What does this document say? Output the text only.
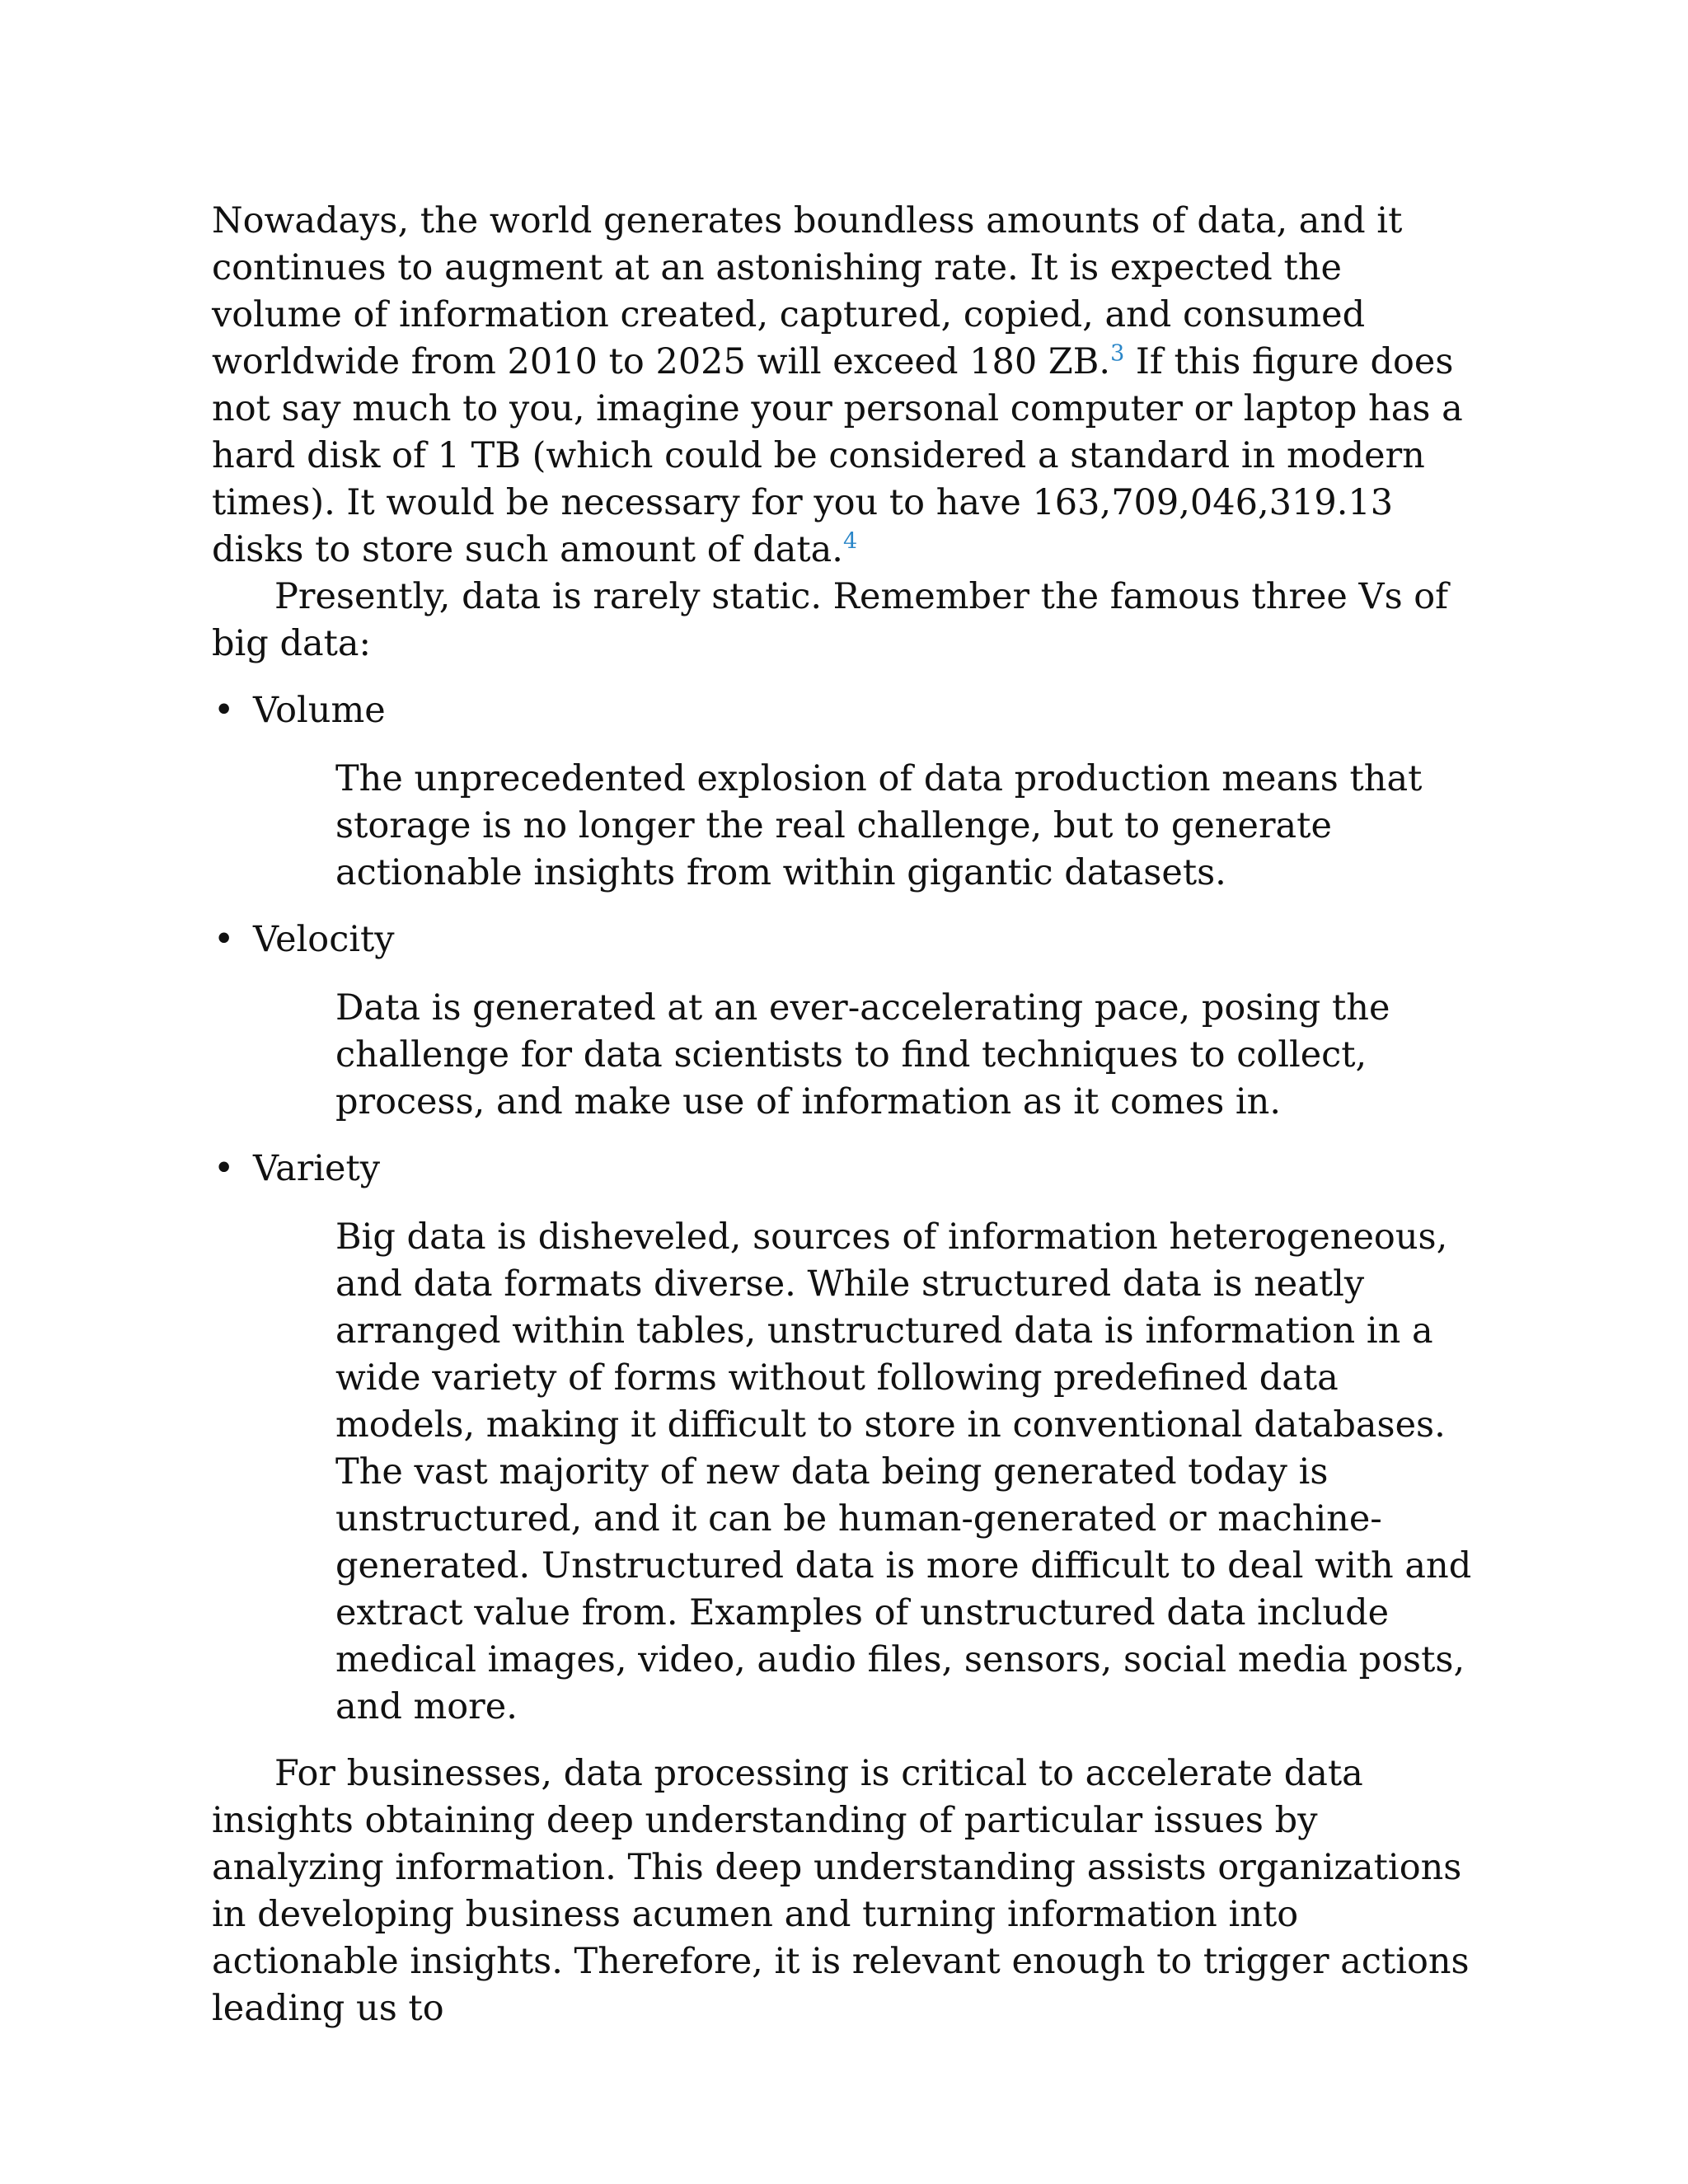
Nowadays, the world generates boundless amounts of data, and it continues to augment at an astonishing rate. It is expected the volume of information created, captured, copied, and consumed worldwide from 2010 to 2025 will exceed 180 ZB.$^3$ If this figure does not say much to you, imagine your personal computer or laptop has a hard disk of 1 TB (which could be considered a standard in modern times). It would be necessary for you to have 163,709,046,319.13 disks to store such amount of data.$^4$

Presently, data is rarely static. Remember the famous three Vs of big data:

• Volume

The unprecedented explosion of data production means that storage is no longer the real challenge, but to generate actionable insights from within gigantic datasets.

• Velocity

Data is generated at an ever-accelerating pace, posing the challenge for data scientists to find techniques to collect, process, and make use of information as it comes in.

• Variety

Big data is disheveled, sources of information heterogeneous, and data formats diverse. While structured data is neatly arranged within tables, unstructured data is information in a wide variety of forms without following predefined data models, making it difficult to store in conventional databases. The vast majority of new data being generated today is unstructured, and it can be human-generated or machine-generated. Unstructured data is more difficult to deal with and extract value from. Examples of unstructured data include medical images, video, audio files, sensors, social media posts, and more.

For businesses, data processing is critical to accelerate data insights obtaining deep understanding of particular issues by analyzing information. This deep understanding assists organizations in developing business acumen and turning information into actionable insights. Therefore, it is relevant enough to trigger actions leading us to
